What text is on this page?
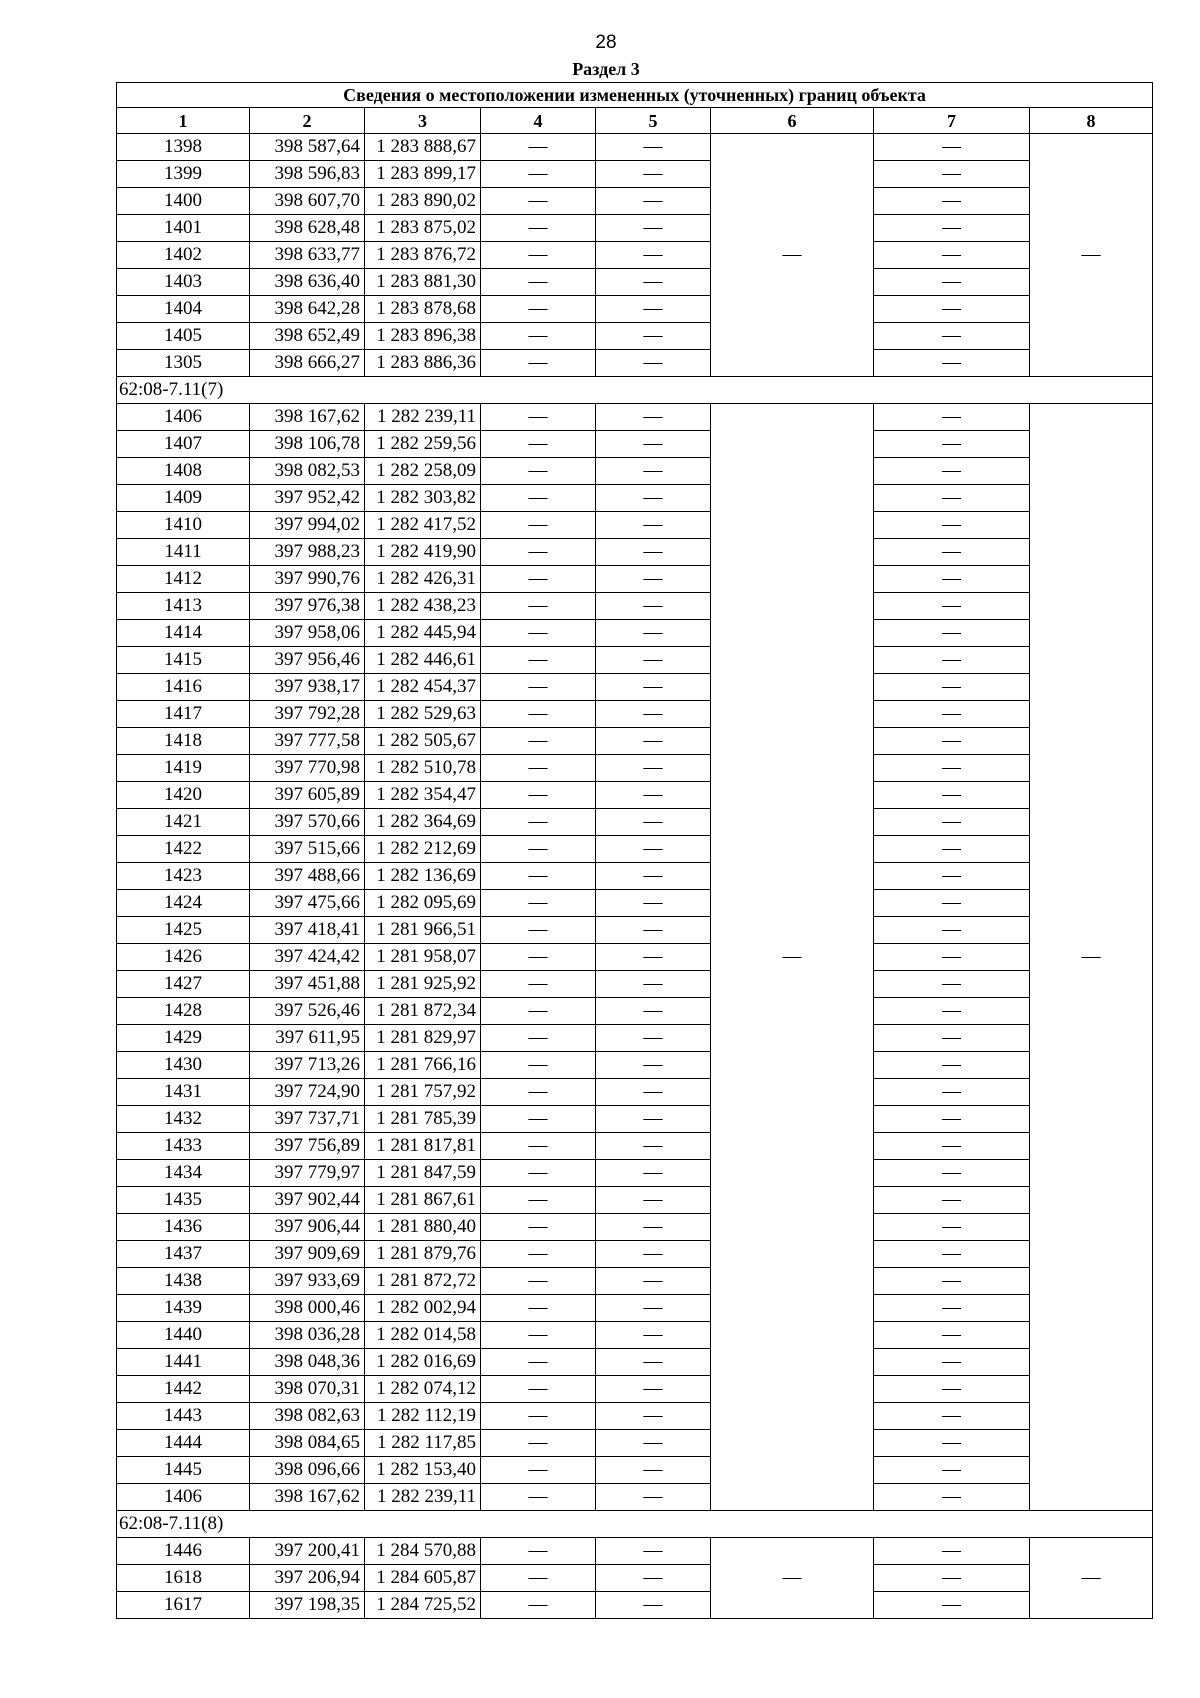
28
Раздел 3
Сведения о местоположении измененных (уточненных) границ объекта							
1	2	3	4	5	6	7	8
1398	398 587,64	1 283 888,67	—	—	—	—	—
1399	398 596,83	1 283 899,17	—	—		—	
1400	398 607,70	1 283 890,02	—	—		—	
1401	398 628,48	1 283 875,02	—	—		—	
1402	398 633,77	1 283 876,72	—	—		—	
1403	398 636,40	1 283 881,30	—	—		—	
1404	398 642,28	1 283 878,68	—	—		—	
1405	398 652,49	1 283 896,38	—	—		—	
1305	398 666,27	1 283 886,36	—	—		—	
62:08-7.11(7)							
1406	398 167,62	1 282 239,11	—	—	—	—	—
1407	398 106,78	1 282 259,56	—	—		—	
1408	398 082,53	1 282 258,09	—	—		—	
1409	397 952,42	1 282 303,82	—	—		—	
1410	397 994,02	1 282 417,52	—	—		—	
1411	397 988,23	1 282 419,90	—	—		—	
1412	397 990,76	1 282 426,31	—	—		—	
1413	397 976,38	1 282 438,23	—	—		—	
1414	397 958,06	1 282 445,94	—	—		—	
1415	397 956,46	1 282 446,61	—	—		—	
1416	397 938,17	1 282 454,37	—	—		—	
1417	397 792,28	1 282 529,63	—	—		—	
1418	397 777,58	1 282 505,67	—	—		—	
1419	397 770,98	1 282 510,78	—	—		—	
1420	397 605,89	1 282 354,47	—	—		—	
1421	397 570,66	1 282 364,69	—	—		—	
1422	397 515,66	1 282 212,69	—	—		—	
1423	397 488,66	1 282 136,69	—	—		—	
1424	397 475,66	1 282 095,69	—	—		—	
1425	397 418,41	1 281 966,51	—	—		—	
1426	397 424,42	1 281 958,07	—	—		—	
1427	397 451,88	1 281 925,92	—	—		—	
1428	397 526,46	1 281 872,34	—	—		—	
1429	397 611,95	1 281 829,97	—	—		—	
1430	397 713,26	1 281 766,16	—	—		—	
1431	397 724,90	1 281 757,92	—	—		—	
1432	397 737,71	1 281 785,39	—	—		—	
1433	397 756,89	1 281 817,81	—	—		—	
1434	397 779,97	1 281 847,59	—	—		—	
1435	397 902,44	1 281 867,61	—	—		—	
1436	397 906,44	1 281 880,40	—	—		—	
1437	397 909,69	1 281 879,76	—	—		—	
1438	397 933,69	1 281 872,72	—	—		—	
1439	398 000,46	1 282 002,94	—	—		—	
1440	398 036,28	1 282 014,58	—	—		—	
1441	398 048,36	1 282 016,69	—	—		—	
1442	398 070,31	1 282 074,12	—	—		—	
1443	398 082,63	1 282 112,19	—	—		—	
1444	398 084,65	1 282 117,85	—	—		—	
1445	398 096,66	1 282 153,40	—	—		—	
1406	398 167,62	1 282 239,11	—	—		—	
62:08-7.11(8)							
1446	397 200,41	1 284 570,88	—	—	—	—	—
1618	397 206,94	1 284 605,87	—	—		—	
1617	397 198,35	1 284 725,52	—	—		—	
